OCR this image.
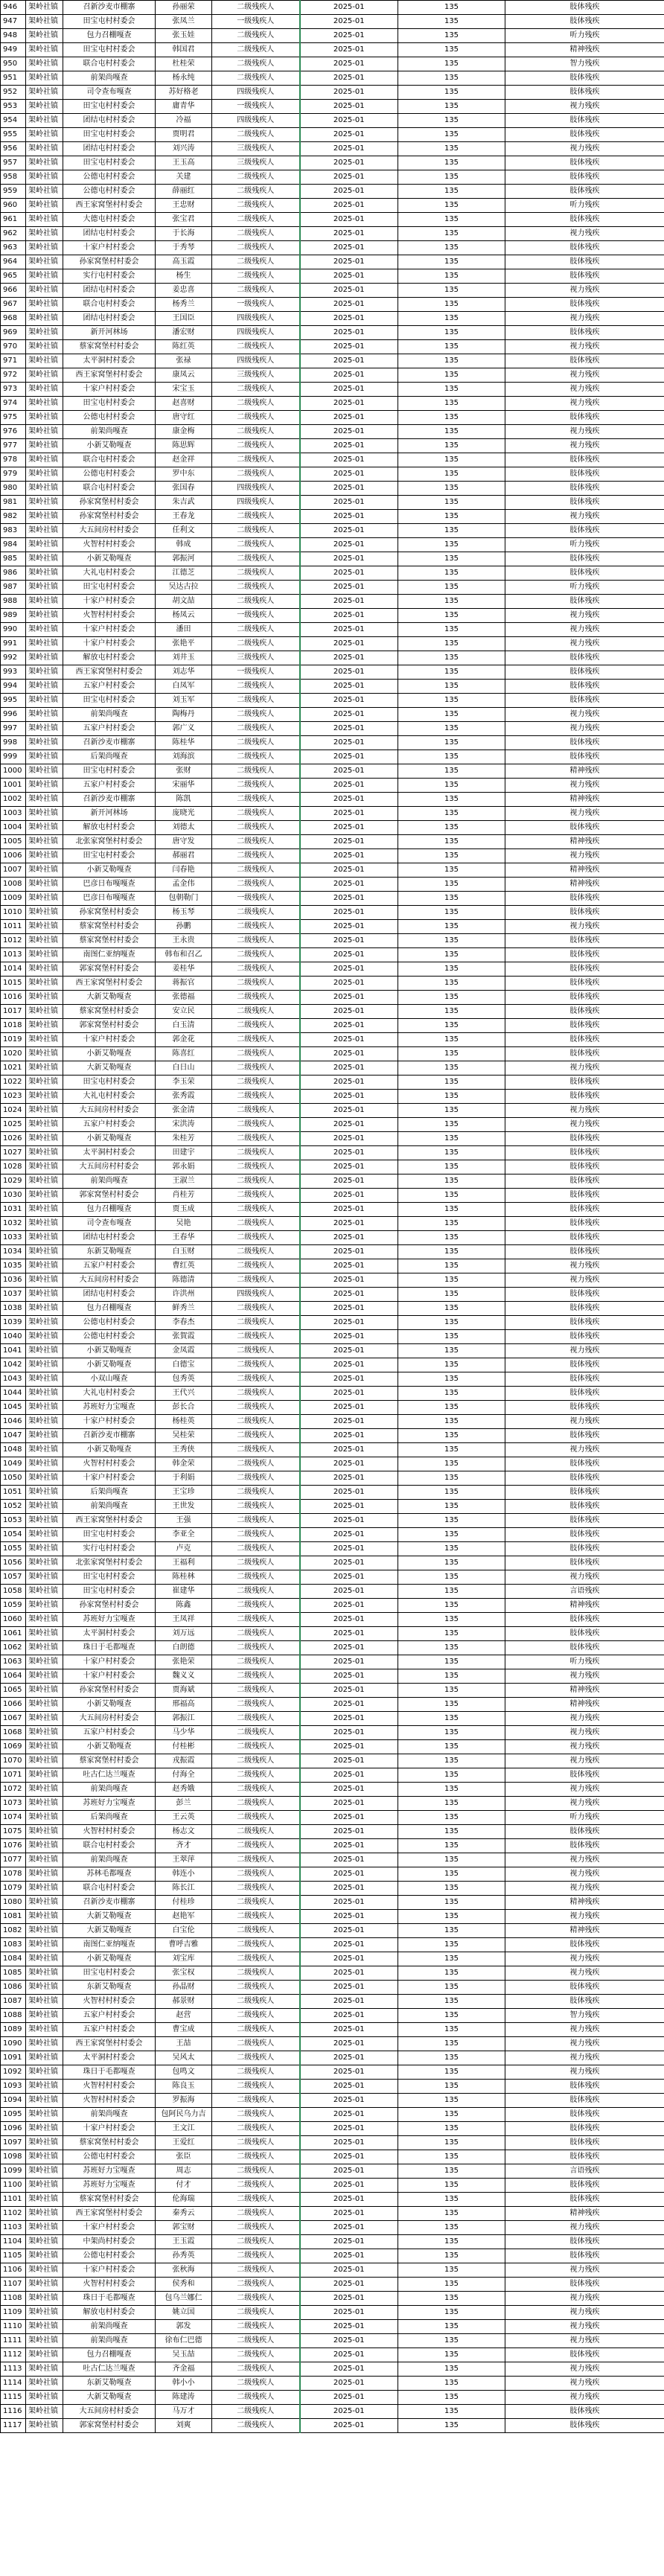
946	架岭社镇	召新沙麦市棚寨	孙丽荣	二级残疾人	2025-01	135	肢体残疾
947	架岭社镇	田宝屯村村委会	张凤兰	一级残疾人	2025-01	135	肢体残疾
948	架岭社镇	包力召棚嘎查	张玉娃	二级残疾人	2025-01	135	听力残疾
949	架岭社镇	田宝屯村村委会	韩国君	二级残疾人	2025-01	135	精神残疾
950	架岭社镇	联合屯村村委会	杜桂荣	二级残疾人	2025-01	135	智力残疾
951	架岭社镇	前架尚嘎查	杨永纯	二级残疾人	2025-01	135	肢体残疾
952	架岭社镇	司令查布嘎查	苏好格老	四级残疾人	2025-01	135	肢体残疾
953	架岭社镇	田宝屯村村委会	庸青华	一级残疾人	2025-01	135	视力残疾
954	架岭社镇	团结屯村村委会	冷福	四级残疾人	2025-01	135	肢体残疾
955	架岭社镇	田宝屯村村委会	贾明君	二级残疾人	2025-01	135	肢体残疾
956	架岭社镇	团结屯村村委会	刘兴涛	三级残疾人	2025-01	135	视力残疾
957	架岭社镇	田宝屯村村委会	王玉高	三级残疾人	2025-01	135	肢体残疾
958	架岭社镇	公德屯村村委会	关建	二级残疾人	2025-01	135	肢体残疾
959	架岭社镇	公德屯村村委会	薛丽红	二级残疾人	2025-01	135	肢体残疾
960	架岭社镇	西王家窝堡村村委会	王忠财	二级残疾人	2025-01	135	听力残疾
961	架岭社镇	大德屯村村委会	张宝君	二级残疾人	2025-01	135	肢体残疾
962	架岭社镇	团结屯村村委会	于长海	二级残疾人	2025-01	135	视力残疾
963	架岭社镇	十家户村村委会	于秀琴	二级残疾人	2025-01	135	肢体残疾
964	架岭社镇	孙家窝堡村村委会	高玉霞	二级残疾人	2025-01	135	肢体残疾
965	架岭社镇	实行屯村村委会	杨生	二级残疾人	2025-01	135	肢体残疾
966	架岭社镇	团结屯村村委会	姜忠喜	二级残疾人	2025-01	135	视力残疾
967	架岭社镇	联合屯村村委会	杨秀兰	一级残疾人	2025-01	135	肢体残疾
968	架岭社镇	团结屯村村委会	王国臣	四级残疾人	2025-01	135	视力残疾
969	架岭社镇	新开河林场	潘宏财	四级残疾人	2025-01	135	肢体残疾
970	架岭社镇	蔡家窝堡村村委会	陈红英	二级残疾人	2025-01	135	视力残疾
971	架岭社镇	太平洞村村委会	张禄	四级残疾人	2025-01	135	肢体残疾
972	架岭社镇	西王家窝堡村村委会	康凤云	三级残疾人	2025-01	135	视力残疾
973	架岭社镇	十家户村村委会	宋宝玉	二级残疾人	2025-01	135	视力残疾
974	架岭社镇	田宝屯村村委会	赵喜财	二级残疾人	2025-01	135	视力残疾
975	架岭社镇	公德屯村村委会	唐守红	二级残疾人	2025-01	135	肢体残疾
976	架岭社镇	前架尚嘎查	康金梅	二级残疾人	2025-01	135	视力残疾
977	架岭社镇	小新艾勒嘎查	陈思辉	二级残疾人	2025-01	135	视力残疾
978	架岭社镇	联合屯村村委会	赵金祥	二级残疾人	2025-01	135	肢体残疾
979	架岭社镇	公德屯村村委会	罗中东	二级残疾人	2025-01	135	肢体残疾
980	架岭社镇	联合屯村村委会	张国春	四级残疾人	2025-01	135	肢体残疾
981	架岭社镇	孙家窝堡村村委会	朱吉武	四级残疾人	2025-01	135	肢体残疾
982	架岭社镇	孙家窝堡村村委会	王春龙	二级残疾人	2025-01	135	视力残疾
983	架岭社镇	大五间房村村委会	任利文	二级残疾人	2025-01	135	肢体残疾
984	架岭社镇	火智村村村委会	韩成	二级残疾人	2025-01	135	听力残疾
985	架岭社镇	小新艾勒嘎查	郭振河	二级残疾人	2025-01	135	肢体残疾
986	架岭社镇	大礼屯村村委会	江德芝	二级残疾人	2025-01	135	肢体残疾
987	架岭社镇	田宝屯村村委会	吴达古拉	二级残疾人	2025-01	135	听力残疾
988	架岭社镇	十家户村村委会	胡文喆	二级残疾人	2025-01	135	肢体残疾
989	架岭社镇	火智村村村委会	杨凤云	一级残疾人	2025-01	135	视力残疾
990	架岭社镇	十家户村村委会	潘田	二级残疾人	2025-01	135	视力残疾
991	架岭社镇	十家户村村委会	张艳平	二级残疾人	2025-01	135	视力残疾
992	架岭社镇	解放屯村村委会	刘井玉	三级残疾人	2025-01	135	肢体残疾
993	架岭社镇	西王家窝堡村村委会	刘志华	一级残疾人	2025-01	135	肢体残疾
994	架岭社镇	五家户村村委会	白凤军	二级残疾人	2025-01	135	肢体残疾
995	架岭社镇	田宝屯村村委会	刘玉军	二级残疾人	2025-01	135	肢体残疾
996	架岭社镇	前架尚嘎查	陶梅丹	二级残疾人	2025-01	135	视力残疾
997	架岭社镇	五家户村村委会	郭广义	二级残疾人	2025-01	135	视力残疾
998	架岭社镇	召新沙麦市棚寨	陈桂华	二级残疾人	2025-01	135	肢体残疾
999	架岭社镇	后架尚嘎查	刘海滨	二级残疾人	2025-01	135	肢体残疾
1000	架岭社镇	田宝屯村村委会	张财	二级残疾人	2025-01	135	精神残疾
1001	架岭社镇	五家户村村委会	宋丽华	二级残疾人	2025-01	135	视力残疾
1002	架岭社镇	召新沙麦市棚寨	陈凯	二级残疾人	2025-01	135	精神残疾
1003	架岭社镇	新开河林场	庞晓光	二级残疾人	2025-01	135	视力残疾
1004	架岭社镇	解放屯村村委会	刘德太	二级残疾人	2025-01	135	肢体残疾
1005	架岭社镇	北张家窝堡村村委会	唐守发	二级残疾人	2025-01	135	精神残疾
1006	架岭社镇	田宝屯村村委会	郝丽君	二级残疾人	2025-01	135	视力残疾
1007	架岭社镇	小新艾勒嘎查	闫春艳	二级残疾人	2025-01	135	精神残疾
1008	架岭社镇	巴彦日布嘎嘎查	孟金伟	二级残疾人	2025-01	135	精神残疾
1009	架岭社镇	巴彦日布嘎嘎查	包朝勒门	一级残疾人	2025-01	135	肢体残疾
1010	架岭社镇	孙家窝堡村村委会	杨玉琴	二级残疾人	2025-01	135	肢体残疾
1011	架岭社镇	蔡家窝堡村村委会	孙鹏	二级残疾人	2025-01	135	视力残疾
1012	架岭社镇	蔡家窝堡村村委会	王永贵	二级残疾人	2025-01	135	肢体残疾
1013	架岭社镇	南图仁亚纳嘎查	韩布和召乙	二级残疾人	2025-01	135	肢体残疾
1014	架岭社镇	郭家窝堡村村委会	姜桂华	二级残疾人	2025-01	135	肢体残疾
1015	架岭社镇	西王家窝堡村村委会	蒋振官	二级残疾人	2025-01	135	肢体残疾
1016	架岭社镇	大新艾勒嘎查	张德福	二级残疾人	2025-01	135	肢体残疾
1017	架岭社镇	蔡家窝堡村村委会	安立民	二级残疾人	2025-01	135	肢体残疾
1018	架岭社镇	郭家窝堡村村委会	白玉清	二级残疾人	2025-01	135	肢体残疾
1019	架岭社镇	十家户村村委会	郭金花	二级残疾人	2025-01	135	肢体残疾
1020	架岭社镇	小新艾勒嘎查	陈喜红	二级残疾人	2025-01	135	肢体残疾
1021	架岭社镇	大新艾勒嘎查	白日山	二级残疾人	2025-01	135	视力残疾
1022	架岭社镇	田宝屯村村委会	李玉荣	二级残疾人	2025-01	135	肢体残疾
1023	架岭社镇	大礼屯村村委会	张秀霞	二级残疾人	2025-01	135	肢体残疾
1024	架岭社镇	大五间房村村委会	张金清	二级残疾人	2025-01	135	视力残疾
1025	架岭社镇	五家户村村委会	宋洪涛	二级残疾人	2025-01	135	视力残疾
1026	架岭社镇	小新艾勒嘎查	朱桂芳	二级残疾人	2025-01	135	肢体残疾
1027	架岭社镇	太平洞村村委会	田建宇	二级残疾人	2025-01	135	肢体残疾
1028	架岭社镇	大五间房村村委会	郭永娟	二级残疾人	2025-01	135	肢体残疾
1029	架岭社镇	前架尚嘎查	王淑兰	二级残疾人	2025-01	135	肢体残疾
1030	架岭社镇	郭家窝堡村村委会	肖桂芳	二级残疾人	2025-01	135	肢体残疾
1031	架岭社镇	包力召棚嘎查	贾玉成	二级残疾人	2025-01	135	肢体残疾
1032	架岭社镇	司令查布嘎查	吴艳	二级残疾人	2025-01	135	肢体残疾
1033	架岭社镇	团结屯村村委会	王春华	二级残疾人	2025-01	135	肢体残疾
1034	架岭社镇	东新艾勒嘎查	白玉财	二级残疾人	2025-01	135	肢体残疾
1035	架岭社镇	五家户村村委会	曹红英	二级残疾人	2025-01	135	视力残疾
1036	架岭社镇	大五间房村村委会	陈德清	二级残疾人	2025-01	135	视力残疾
1037	架岭社镇	团结屯村村委会	许洪州	四级残疾人	2025-01	135	肢体残疾
1038	架岭社镇	包力召棚嘎查	鲜秀兰	二级残疾人	2025-01	135	肢体残疾
1039	架岭社镇	公德屯村村委会	李春杰	二级残疾人	2025-01	135	肢体残疾
1040	架岭社镇	公德屯村村委会	张賀霞	二级残疾人	2025-01	135	肢体残疾
1041	架岭社镇	小新艾勒嘎查	金凤霞	二级残疾人	2025-01	135	视力残疾
1042	架岭社镇	小新艾勒嘎查	白德宝	二级残疾人	2025-01	135	肢体残疾
1043	架岭社镇	小双山嘎查	包秀英	二级残疾人	2025-01	135	肢体残疾
1044	架岭社镇	大礼屯村村委会	王代兴	二级残疾人	2025-01	135	肢体残疾
1045	架岭社镇	苏班好力宝嘎查	彭长合	二级残疾人	2025-01	135	肢体残疾
1046	架岭社镇	十家户村村委会	杨桂英	二级残疾人	2025-01	135	视力残疾
1047	架岭社镇	召新沙麦市棚寨	吴桂荣	二级残疾人	2025-01	135	肢体残疾
1048	架岭社镇	小新艾勒嘎查	王秀侠	二级残疾人	2025-01	135	视力残疾
1049	架岭社镇	火智村村村委会	韩金荣	二级残疾人	2025-01	135	肢体残疾
1050	架岭社镇	十家户村村委会	于利娟	二级残疾人	2025-01	135	肢体残疾
1051	架岭社镇	后架尚嘎查	王宝珍	二级残疾人	2025-01	135	肢体残疾
1052	架岭社镇	前架尚嘎查	王世发	二级残疾人	2025-01	135	肢体残疾
1053	架岭社镇	西王家窝堡村村委会	王强	二级残疾人	2025-01	135	肢体残疾
1054	架岭社镇	田宝屯村村委会	李亚全	二级残疾人	2025-01	135	肢体残疾
1055	架岭社镇	实行屯村村委会	卢克	二级残疾人	2025-01	135	肢体残疾
1056	架岭社镇	北张家窝堡村村委会	王福利	二级残疾人	2025-01	135	肢体残疾
1057	架岭社镇	田宝屯村村委会	陈桂林	二级残疾人	2025-01	135	视力残疾
1058	架岭社镇	田宝屯村村委会	崔建华	二级残疾人	2025-01	135	言语残疾
1059	架岭社镇	孙家窝堡村村委会	陈鑫	二级残疾人	2025-01	135	精神残疾
1060	架岭社镇	苏班好力宝嘎查	王凤祥	二级残疾人	2025-01	135	肢体残疾
1061	架岭社镇	太平洞村村委会	刘万远	二级残疾人	2025-01	135	肢体残疾
1062	架岭社镇	珠日于毛都嘎查	白朗德	二级残疾人	2025-01	135	肢体残疾
1063	架岭社镇	十家户村村委会	张艳荣	二级残疾人	2025-01	135	听力残疾
1064	架岭社镇	十家户村村委会	魏义义	二级残疾人	2025-01	135	视力残疾
1065	架岭社镇	孙家窝堡村村委会	贾海斌	二级残疾人	2025-01	135	精神残疾
1066	架岭社镇	小新艾勒嘎查	邢福高	二级残疾人	2025-01	135	精神残疾
1067	架岭社镇	大五间房村村委会	郭振江	二级残疾人	2025-01	135	视力残疾
1068	架岭社镇	五家户村村委会	马少华	二级残疾人	2025-01	135	视力残疾
1069	架岭社镇	小新艾勒嘎查	付桂彬	二级残疾人	2025-01	135	视力残疾
1070	架岭社镇	蔡家窝堡村村委会	戎振霞	二级残疾人	2025-01	135	视力残疾
1071	架岭社镇	吐古仁达兰嘎查	付海全	二级残疾人	2025-01	135	肢体残疾
1072	架岭社镇	前架尚嘎查	赵秀娥	二级残疾人	2025-01	135	视力残疾
1073	架岭社镇	苏班好力宝嘎查	彭兰	二级残疾人	2025-01	135	视力残疾
1074	架岭社镇	后架尚嘎查	王云英	二级残疾人	2025-01	135	听力残疾
1075	架岭社镇	火智村村村委会	杨志文	二级残疾人	2025-01	135	肢体残疾
1076	架岭社镇	联合屯村村委会	齐才	二级残疾人	2025-01	135	肢体残疾
1077	架岭社镇	前架尚嘎查	王翠萍	二级残疾人	2025-01	135	视力残疾
1078	架岭社镇	苏林毛都嘎查	韩连小	二级残疾人	2025-01	135	视力残疾
1079	架岭社镇	联合屯村村委会	陈长江	二级残疾人	2025-01	135	视力残疾
1080	架岭社镇	召新沙麦市棚寨	付桂珍	二级残疾人	2025-01	135	精神残疾
1081	架岭社镇	大新艾勒嘎查	赵艳军	二级残疾人	2025-01	135	视力残疾
1082	架岭社镇	大新艾勒嘎查	白宝伦	二级残疾人	2025-01	135	精神残疾
1083	架岭社镇	南图仁亚纳嘎查	曹呼吉雅	二级残疾人	2025-01	135	肢体残疾
1084	架岭社镇	小新艾勒嘎查	刘宝库	二级残疾人	2025-01	135	视力残疾
1085	架岭社镇	田宝屯村村委会	张宝权	二级残疾人	2025-01	135	视力残疾
1086	架岭社镇	东新艾勒嘎查	孙晶财	二级残疾人	2025-01	135	肢体残疾
1087	架岭社镇	火智村村村委会	郝景财	二级残疾人	2025-01	135	肢体残疾
1088	架岭社镇	五家户村村委会	赵营	二级残疾人	2025-01	135	智力残疾
1089	架岭社镇	五家户村村委会	曹宝成	二级残疾人	2025-01	135	视力残疾
1090	架岭社镇	西王家窝堡村村委会	王喆	二级残疾人	2025-01	135	视力残疾
1091	架岭社镇	太平洞村村委会	吴风太	二级残疾人	2025-01	135	视力残疾
1092	架岭社镇	珠日于毛都嘎查	包鸣文	二级残疾人	2025-01	135	视力残疾
1093	架岭社镇	火智村村村委会	陈良玉	二级残疾人	2025-01	135	肢体残疾
1094	架岭社镇	火智村村村委会	罗振海	二级残疾人	2025-01	135	肢体残疾
1095	架岭社镇	前架尚嘎查	包阿民乌力吉	二级残疾人	2025-01	135	肢体残疾
1096	架岭社镇	十家户村村委会	王文江	二级残疾人	2025-01	135	肢体残疾
1097	架岭社镇	蔡家窝堡村村委会	王爱红	二级残疾人	2025-01	135	肢体残疾
1098	架岭社镇	公德屯村村委会	张臣	二级残疾人	2025-01	135	肢体残疾
1099	架岭社镇	苏班好力宝嘎查	周志	二级残疾人	2025-01	135	言语残疾
1100	架岭社镇	苏班好力宝嘎查	付才	二级残疾人	2025-01	135	肢体残疾
1101	架岭社镇	蔡家窝堡村村委会	伦海瑞	二级残疾人	2025-01	135	肢体残疾
1102	架岭社镇	西王家窝堡村村委会	秦秀云	二级残疾人	2025-01	135	精神残疾
1103	架岭社镇	十家户村村委会	郭宝财	二级残疾人	2025-01	135	视力残疾
1104	架岭社镇	中架尚村村委会	王玉霞	二级残疾人	2025-01	135	肢体残疾
1105	架岭社镇	公德屯村村委会	孙秀英	二级残疾人	2025-01	135	肢体残疾
1106	架岭社镇	十家户村村委会	张秋海	二级残疾人	2025-01	135	视力残疾
1107	架岭社镇	火智村村村委会	侯秀和	二级残疾人	2025-01	135	肢体残疾
1108	架岭社镇	珠日于毛都嘎查	包乌兰娜仁	二级残疾人	2025-01	135	视力残疾
1109	架岭社镇	解放屯村村委会	姚立国	二级残疾人	2025-01	135	视力残疾
1110	架岭社镇	前架尚嘎查	郭发	二级残疾人	2025-01	135	视力残疾
1111	架岭社镇	前架尚嘎查	徐布仁巴德	二级残疾人	2025-01	135	视力残疾
1112	架岭社镇	包力召棚嘎查	吴玉喆	二级残疾人	2025-01	135	肢体残疾
1113	架岭社镇	吐古仁达兰嘎查	齐金福	二级残疾人	2025-01	135	视力残疾
1114	架岭社镇	东新艾勒嘎查	韩小小	二级残疾人	2025-01	135	视力残疾
1115	架岭社镇	大新艾勒嘎查	陈建涛	二级残疾人	2025-01	135	视力残疾
1116	架岭社镇	大五间房村村委会	马万才	二级残疾人	2025-01	135	肢体残疾
1117	架岭社镇	郭家窝堡村村委会	刘爽	二级残疾人	2025-01	135	肢体残疾
